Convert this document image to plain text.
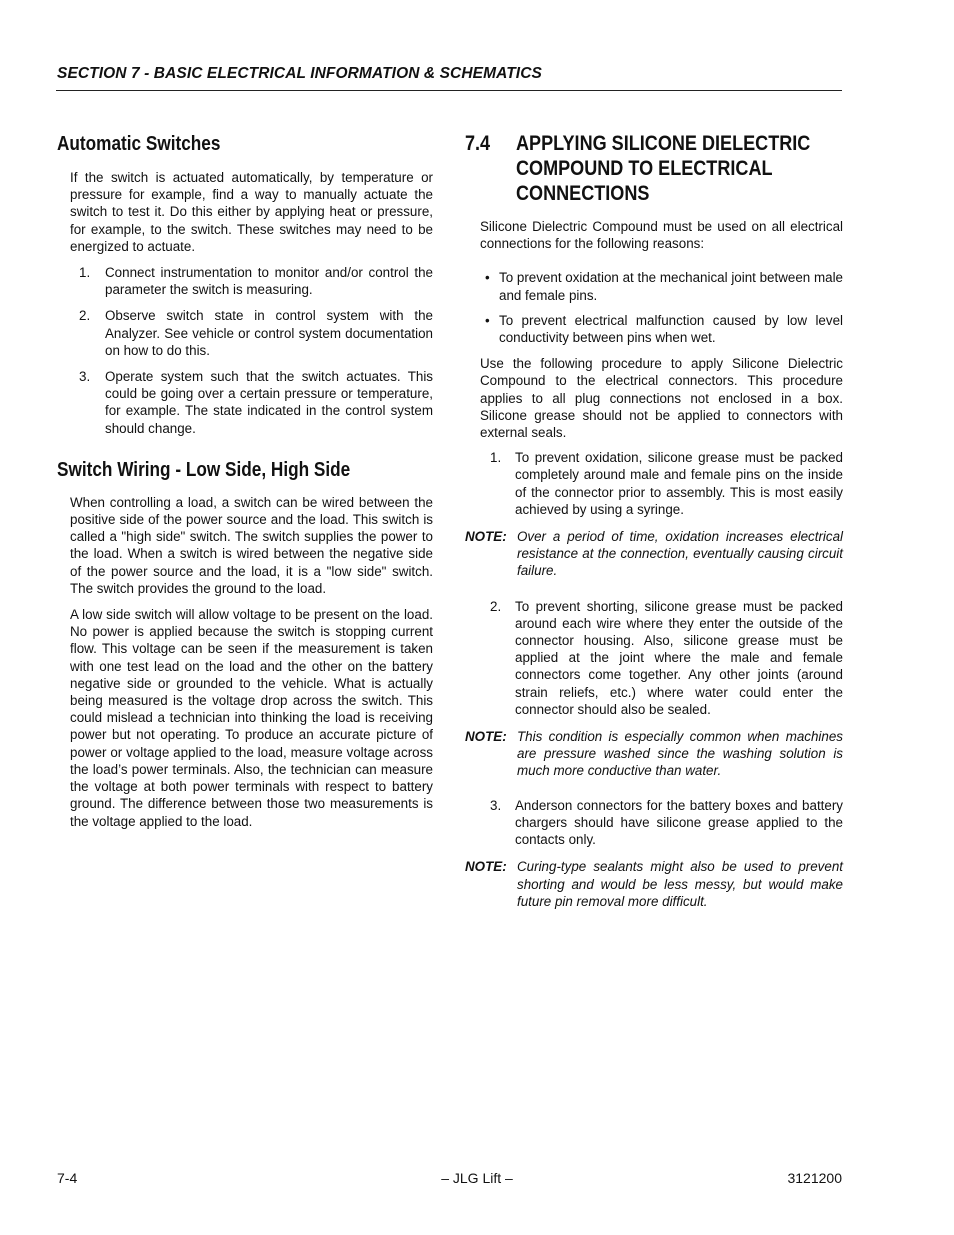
SECTION 7 - BASIC ELECTRICAL INFORMATION & SCHEMATICS
Automatic Switches

If the switch is actuated automatically, by temperature or pressure for example, find a way to manually actuate the switch to test it. Do this either by applying heat or pressure, for example, to the switch. These switches may need to be energized to actuate.

1. Connect instrumentation to monitor and/or control the parameter the switch is measuring.
2. Observe switch state in control system with the Analyzer. See vehicle or control system documentation on how to do this.
3. Operate system such that the switch actuates. This could be going over a certain pressure or temperature, for example. The state indicated in the control system should change.
Switch Wiring - Low Side, High Side

When controlling a load, a switch can be wired between the positive side of the power source and the load. This switch is called a "high side" switch. The switch supplies the power to the load. When a switch is wired between the negative side of the power source and the load, it is a "low side" switch. The switch provides the ground to the load.

A low side switch will allow voltage to be present on the load. No power is applied because the switch is stopping current flow. This voltage can be seen if the measurement is taken with one test lead on the load and the other on the battery negative side or grounded to the vehicle. What is actually being measured is the voltage drop across the switch. This could mislead a technician into thinking the load is receiving power but not operating. To produce an accurate picture of power or voltage applied to the load, measure voltage across the load’s power terminals. Also, the technician can measure the voltage at both power terminals with respect to battery ground. The difference between those two measurements is the voltage applied to the load.

7.4 APPLYING SILICONE DIELECTRIC COMPOUND TO ELECTRICAL CONNECTIONS

Silicone Dielectric Compound must be used on all electrical connections for the following reasons:

• To prevent oxidation at the mechanical joint between male and female pins.
• To prevent electrical malfunction caused by low level conductivity between pins when wet.

Use the following procedure to apply Silicone Dielectric Compound to the electrical connectors. This procedure applies to all plug connections not enclosed in a box. Silicone grease should not be applied to connectors with external seals.

1. To prevent oxidation, silicone grease must be packed completely around male and female pins on the inside of the connector prior to assembly. This is most easily achieved by using a syringe.
NOTE: Over a period of time, oxidation increases electrical resistance at the connection, eventually causing circuit failure.
2. To prevent shorting, silicone grease must be packed around each wire where they enter the outside of the connector housing. Also, silicone grease must be applied at the joint where the male and female connectors come together. Any other joints (around strain reliefs, etc.) where water could enter the connector should also be sealed.
NOTE: This condition is especially common when machines are pressure washed since the washing solution is much more conductive than water.
3. Anderson connectors for the battery boxes and battery chargers should have silicone grease applied to the contacts only.
NOTE: Curing-type sealants might also be used to prevent shorting and would be less messy, but would make future pin removal more difficult.
7-4	– JLG Lift –	3121200
